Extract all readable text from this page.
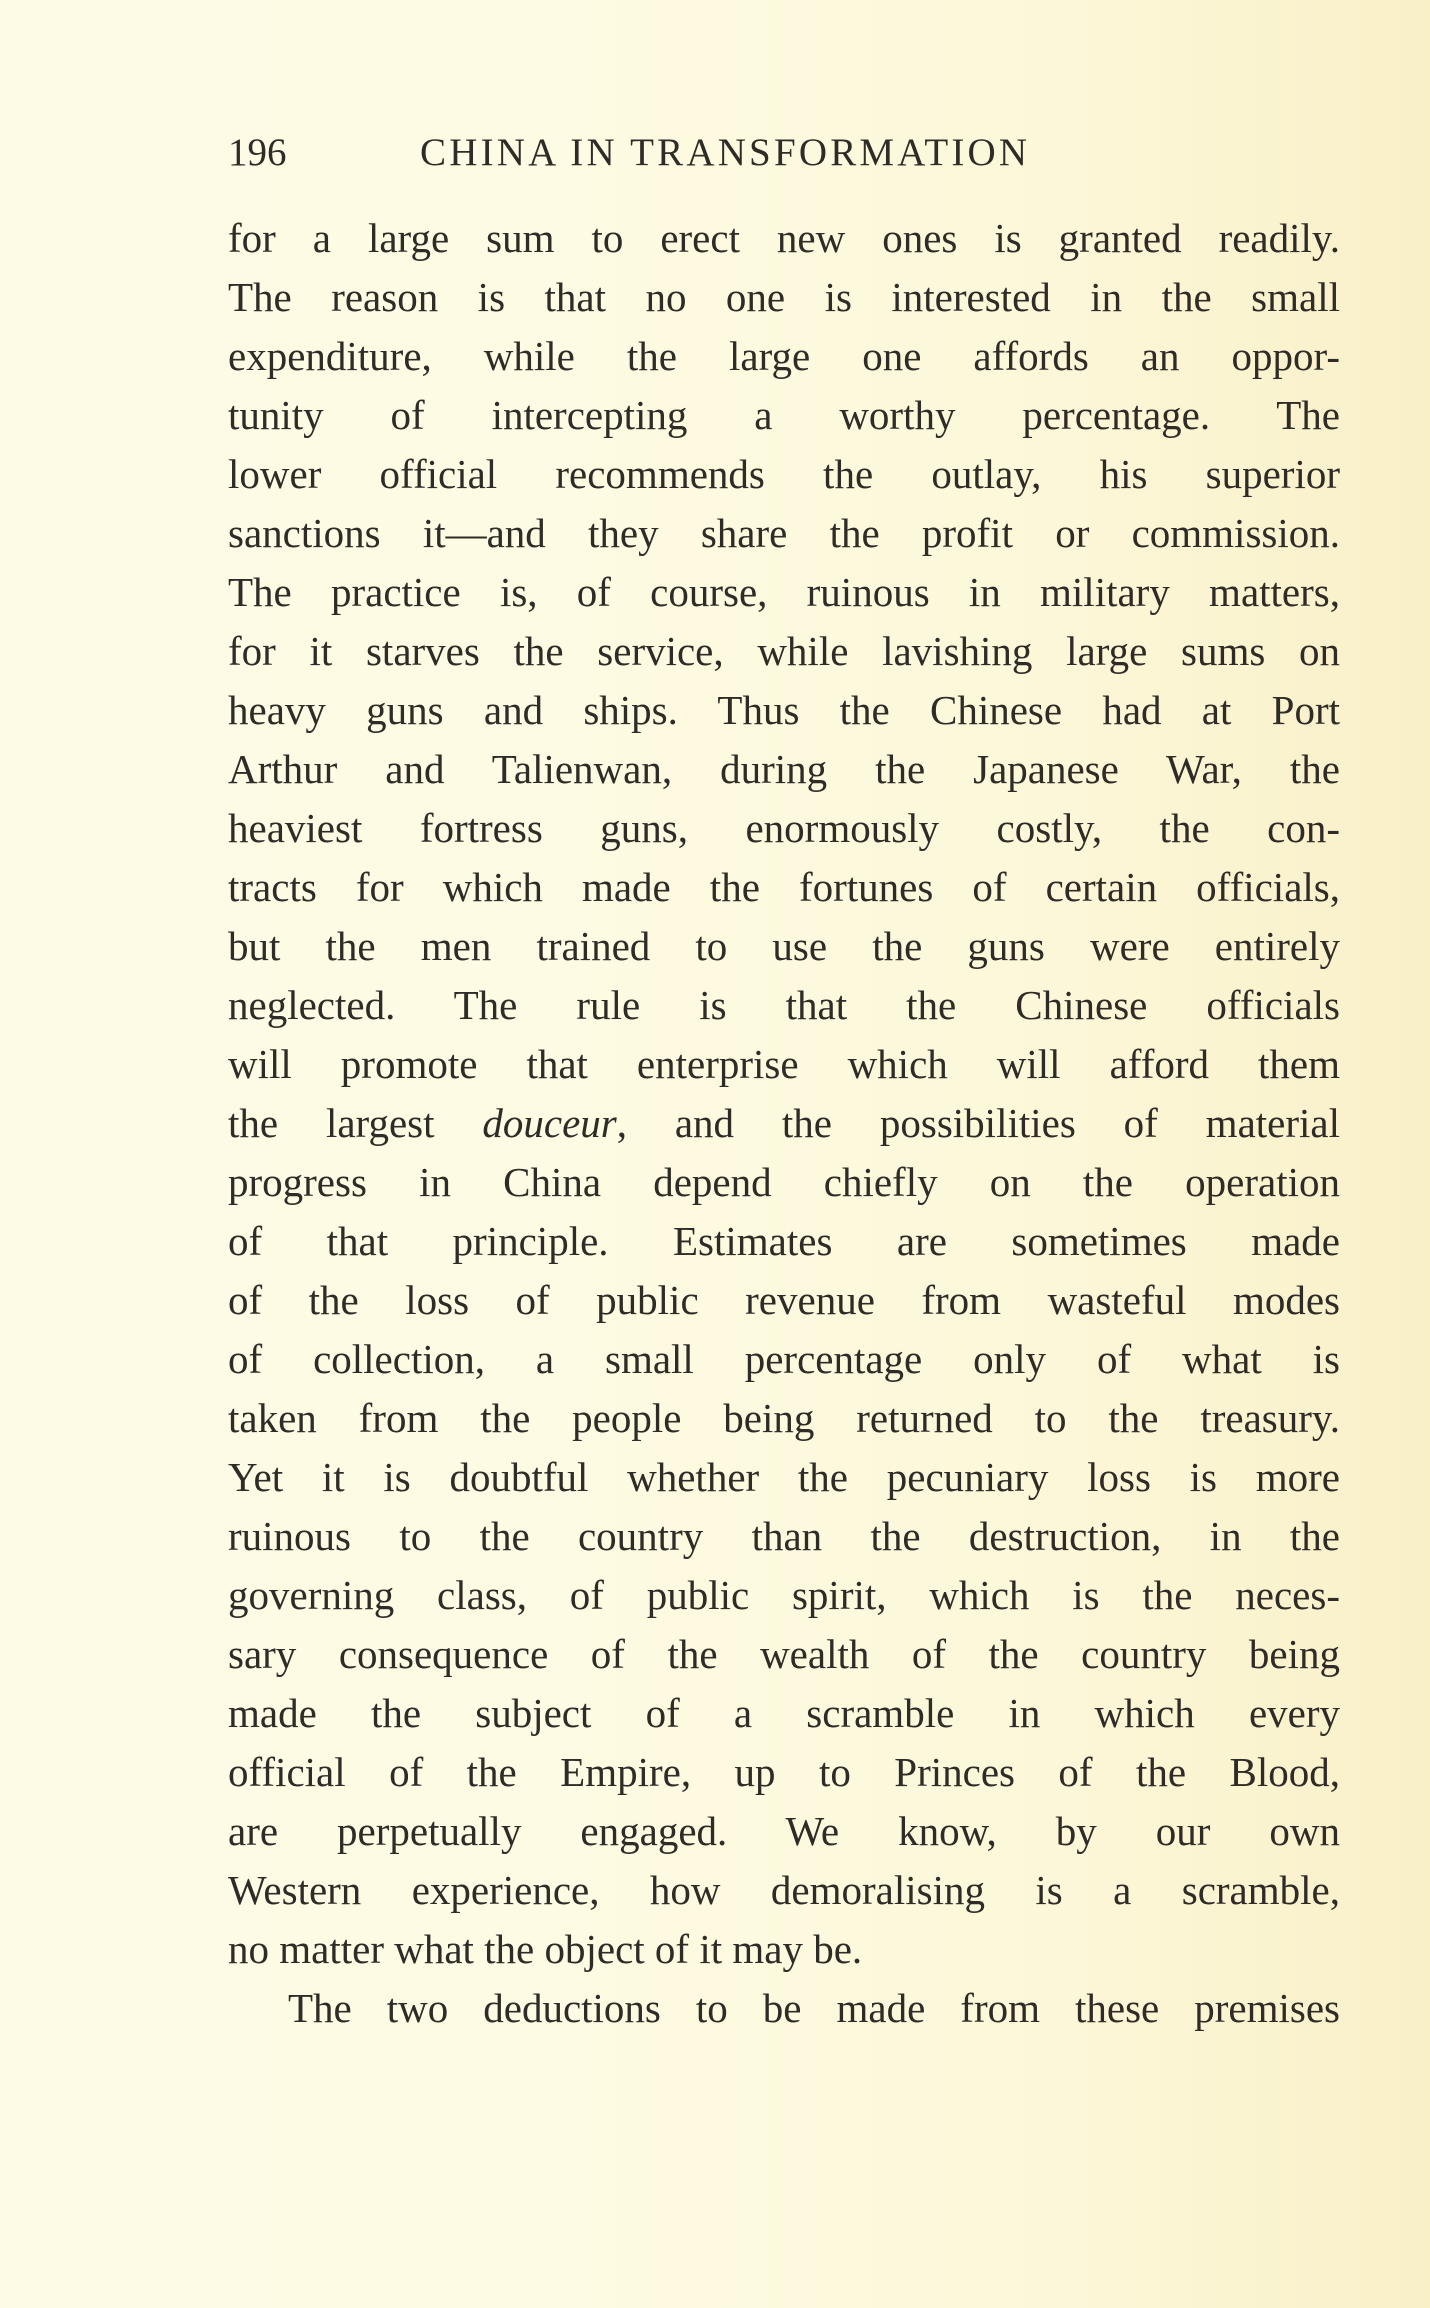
196	CHINA IN TRANSFORMATION
for a large sum to erect new ones is granted readily.
The reason is that no one is interested in the small
expenditure, while the large one affords an oppor-
tunity of intercepting a worthy percentage. The
lower official recommends the outlay, his superior
sanctions it—and they share the profit or commission.
The practice is, of course, ruinous in military matters,
for it starves the service, while lavishing large sums on
heavy guns and ships. Thus the Chinese had at Port
Arthur and Talienwan, during the Japanese War, the
heaviest fortress guns, enormously costly, the con-
tracts for which made the fortunes of certain officials,
but the men trained to use the guns were entirely
neglected. The rule is that the Chinese officials
will promote that enterprise which will afford them
the largest douceur, and the possibilities of material
progress in China depend chiefly on the operation
of that principle. Estimates are sometimes made
of the loss of public revenue from wasteful modes
of collection, a small percentage only of what is
taken from the people being returned to the treasury.
Yet it is doubtful whether the pecuniary loss is more
ruinous to the country than the destruction, in the
governing class, of public spirit, which is the neces-
sary consequence of the wealth of the country being
made the subject of a scramble in which every
official of the Empire, up to Princes of the Blood,
are perpetually engaged. We know, by our own
Western experience, how demoralising is a scramble,
no matter what the object of it may be.
The two deductions to be made from these premises
